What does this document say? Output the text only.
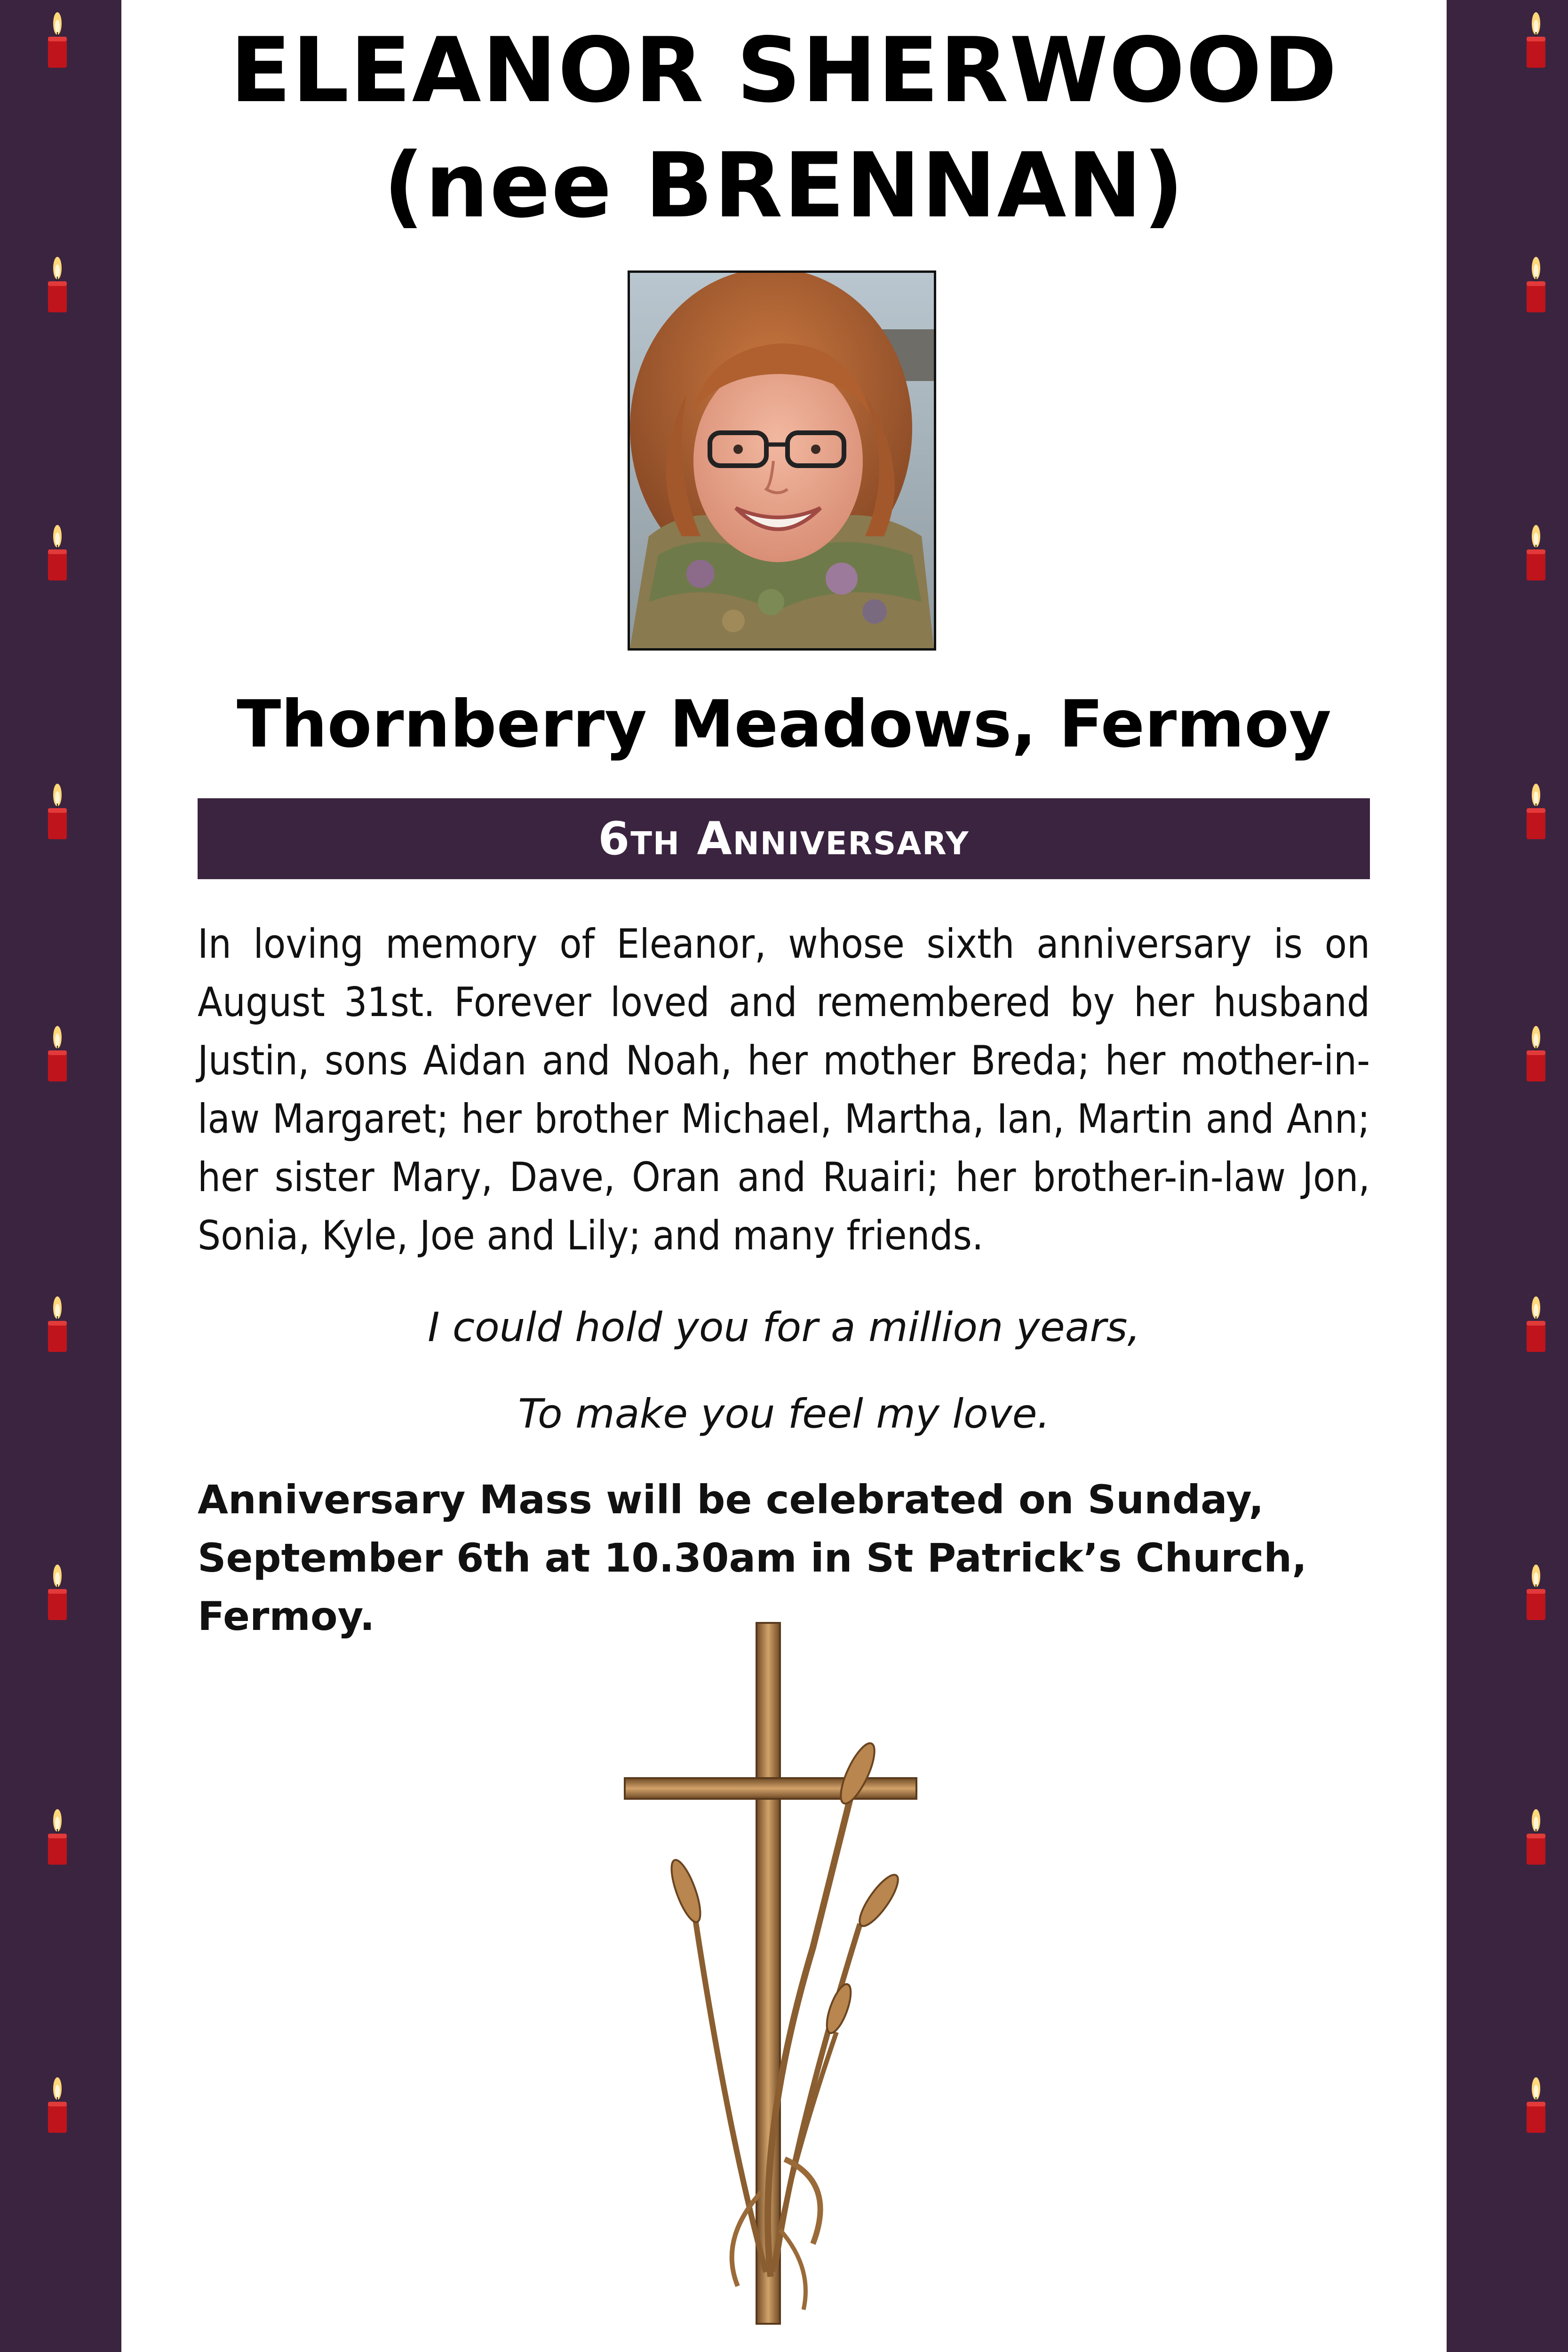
ELEANOR SHERWOOD
(nee BRENNAN)
Thornberry Meadows, Fermoy
6th Anniversary
In loving memory of Eleanor, whose sixth anniversary is on August 31st. Forever loved and remembered by her husband Justin, sons Aidan and Noah, her mother Breda; her mother-in-law Margaret; her brother Michael, Martha, Ian, Martin and Ann; her sister Mary, Dave, Oran and Ruairi; her brother-in-law Jon, Sonia, Kyle, Joe and Lily; and many friends.
I could hold you for a million years,
To make you feel my love.
Anniversary Mass will be celebrated on Sunday, September 6th at 10.30am in St Patrick’s Church, Fermoy.
